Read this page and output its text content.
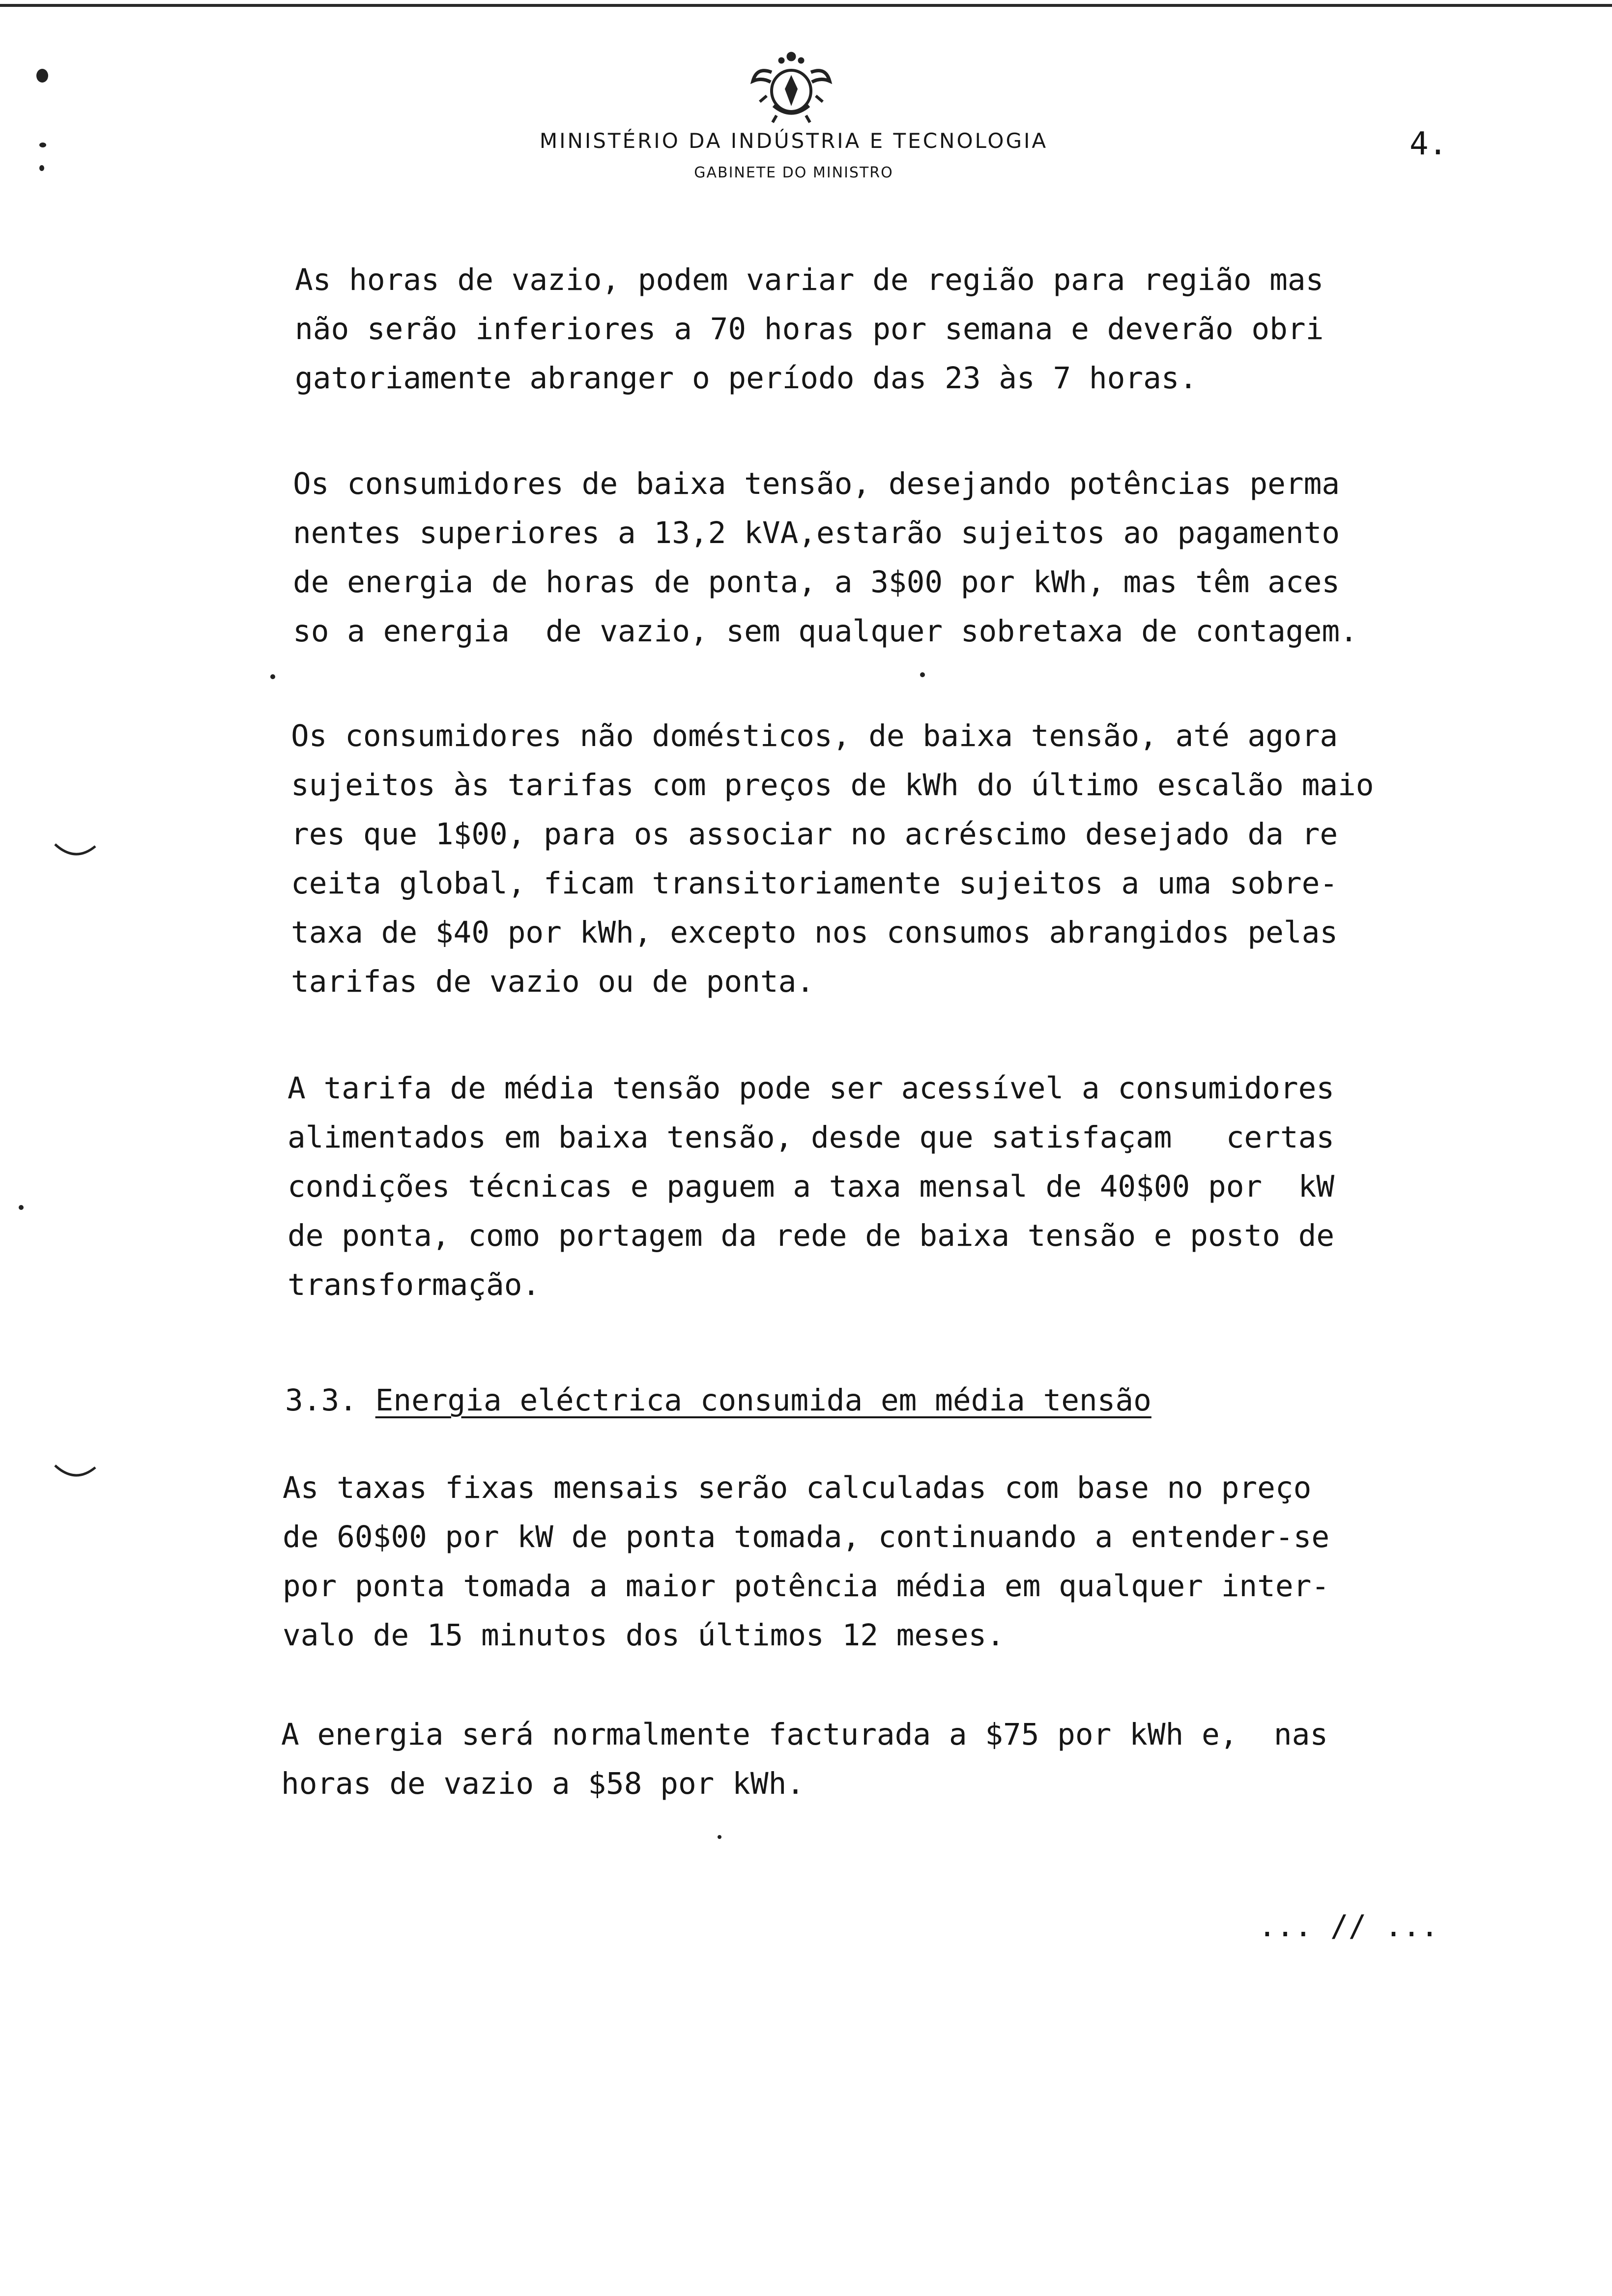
MINISTÉRIO DA INDÚSTRIA E TECNOLOGIA
GABINETE DO MINISTRO
4.

As horas de vazio, podem variar de região para região mas
não serão inferiores a 70 horas por semana e deverão obri
gatoriamente abranger o período das 23 às 7 horas.

Os consumidores de baixa tensão, desejando potências perma
nentes superiores a 13,2 kVA,estarão sujeitos ao pagamento
de energia de horas de ponta, a 3$00 por kWh, mas têm aces
so a energia  de vazio, sem qualquer sobretaxa de contagem.

Os consumidores não domésticos, de baixa tensão, até agora
sujeitos às tarifas com preços de kWh do último escalão maio
res que 1$00, para os associar no acréscimo desejado da re
ceita global, ficam transitoriamente sujeitos a uma sobre-
taxa de $40 por kWh, excepto nos consumos abrangidos pelas
tarifas de vazio ou de ponta.

A tarifa de média tensão pode ser acessível a consumidores
alimentados em baixa tensão, desde que satisfaçam   certas
condições técnicas e paguem a taxa mensal de 40$00 por  kW
de ponta, como portagem da rede de baixa tensão e posto de
transformação.

3.3. Energia eléctrica consumida em média tensão

As taxas fixas mensais serão calculadas com base no preço
de 60$00 por kW de ponta tomada, continuando a entender-se
por ponta tomada a maior potência média em qualquer inter-
valo de 15 minutos dos últimos 12 meses.

A energia será normalmente facturada a $75 por kWh e,  nas
horas de vazio a $58 por kWh.

... // ...
